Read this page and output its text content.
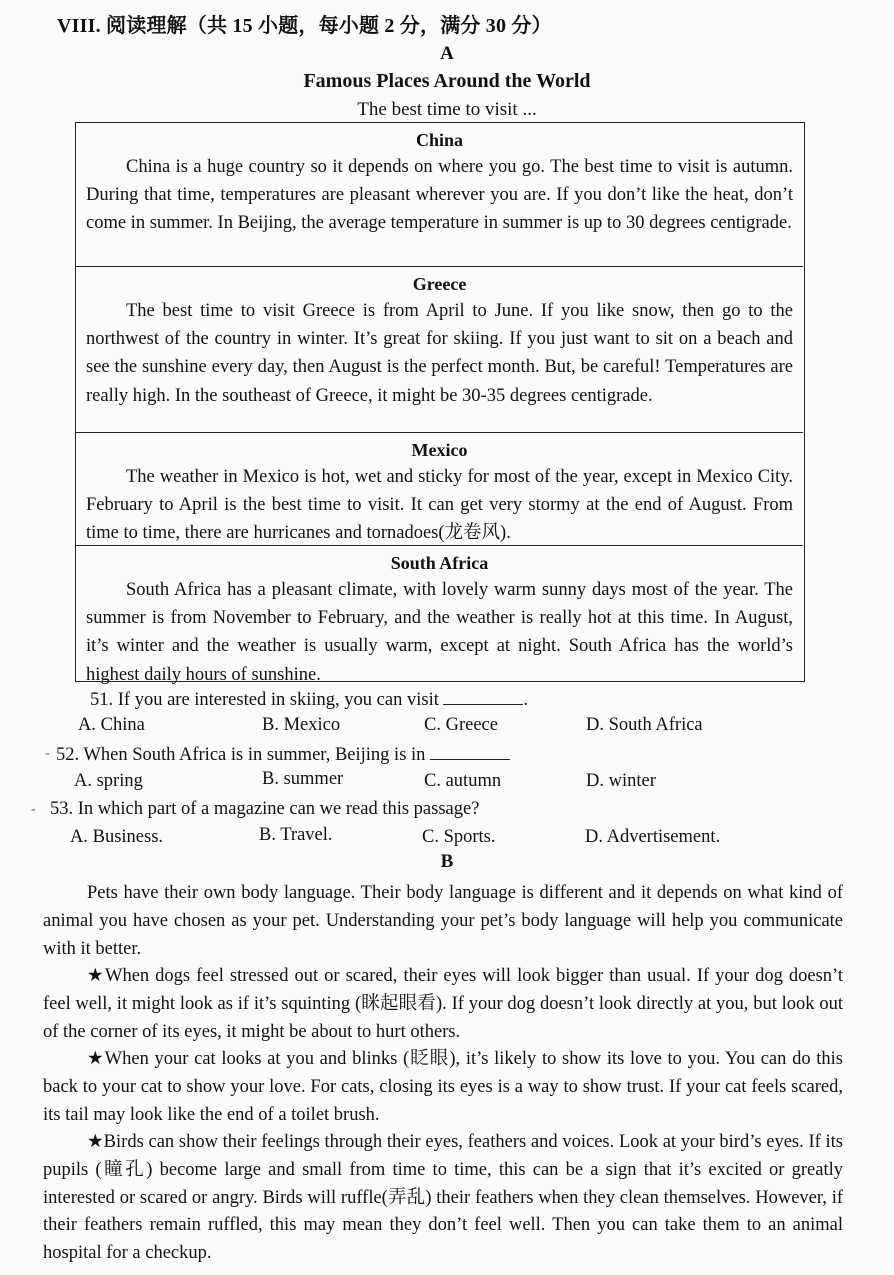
VIII. 阅读理解（共 15 小题，每小题 2 分，满分 30 分）
A
Famous Places Around the World
The best time to visit ...
China
China is a huge country so it depends on where you go. The best time to visit is autumn. During that time, temperatures are pleasant wherever you are. If you don’t like the heat, don’t come in summer. In Beijing, the average temperature in summer is up to 30 degrees centigrade.
Greece
The best time to visit Greece is from April to June. If you like snow, then go to the northwest of the country in winter. It’s great for skiing. If you just want to sit on a beach and see the sunshine every day, then August is the perfect month. But, be careful! Temperatures are really high. In the southeast of Greece, it might be 30-35 degrees centigrade.
Mexico
The weather in Mexico is hot, wet and sticky for most of the year, except in Mexico City. February to April is the best time to visit. It can get very stormy at the end of August. From time to time, there are hurricanes and tornadoes(龙卷风).
South Africa
South Africa has a pleasant climate, with lovely warm sunny days most of the year. The summer is from November to February, and the weather is really hot at this time. In August, it’s winter and the weather is usually warm, except at night. South Africa has the world’s highest daily hours of sunshine.
51. If you are interested in skiing, you can visit	.
A. China	B. Mexico	C. Greece	D. South Africa
- 52. When South Africa is in summer, Beijing is in
A. spring	B. summer	C. autumn	D. winter
- 53. In which part of a magazine can we read this passage?
A. Business.	B. Travel.	C. Sports.	D. Advertisement.
B
Pets have their own body language. Their body language is different and it depends on what kind of animal you have chosen as your pet. Understanding your pet’s body language will help you communicate with it better.
★When dogs feel stressed out or scared, their eyes will look bigger than usual. If your dog doesn’t feel well, it might look as if it’s squinting (眯起眼看). If your dog doesn’t look directly at you, but look out of the corner of its eyes, it might be about to hurt others.
★When your cat looks at you and blinks (眨眼), it’s likely to show its love to you. You can do this back to your cat to show your love. For cats, closing its eyes is a way to show trust. If your cat feels scared, its tail may look like the end of a toilet brush.
★Birds can show their feelings through their eyes, feathers and voices. Look at your bird’s eyes. If its pupils (瞳孔) become large and small from time to time, this can be a sign that it’s excited or greatly interested or scared or angry. Birds will ruffle(弄乱) their feathers when they clean themselves. However, if their feathers remain ruffled, this may mean they don’t feel well. Then you can take them to an animal hospital for a checkup.
